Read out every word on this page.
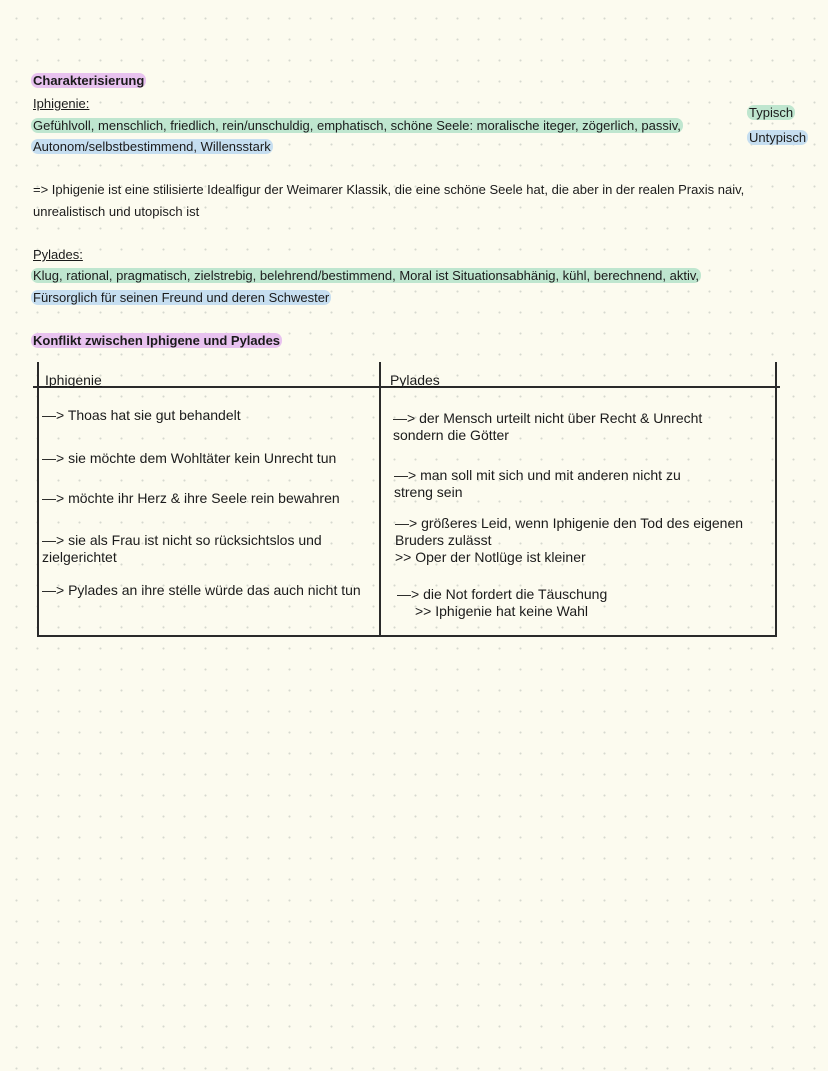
Charakterisierung
Iphigenie:
Gefühlvoll, menschlich, friedlich, rein/unschuldig, emphatisch, schöne Seele: moralische iteger, zögerlich, passiv,
Autonom/selbstbestimmend, Willensstark
Typisch
Untypisch
=> Iphigenie ist eine stilisierte Idealfigur der Weimarer Klassik, die eine schöne Seele hat, die aber in der realen Praxis naiv,
unrealistisch und utopisch ist
Pylades:
Klug, rational, pragmatisch, zielstrebig, belehrend/bestimmend, Moral ist Situationsabhänig, kühl, berechnend, aktiv,
Fürsorglich für seinen Freund und deren Schwester
Konflikt zwischen Iphigene und Pylades
Iphigenie	Pylades
—> Thoas hat sie gut behandelt
—> sie möchte dem Wohltäter kein Unrecht tun
—> möchte ihr Herz & ihre Seele rein bewahren
—> sie als Frau ist nicht so rücksichtslos und
zielgerichtet
—> Pylades an ihre stelle würde das auch nicht tun
—> der Mensch urteilt nicht über Recht & Unrecht
sondern die Götter
—> man soll mit sich und mit anderen nicht zu
streng sein
—> größeres Leid, wenn Iphigenie den Tod des eigenen
Bruders zulässt
>> Oper der Notlüge ist kleiner
—> die Not fordert die Täuschung
>> Iphigenie hat keine Wahl
